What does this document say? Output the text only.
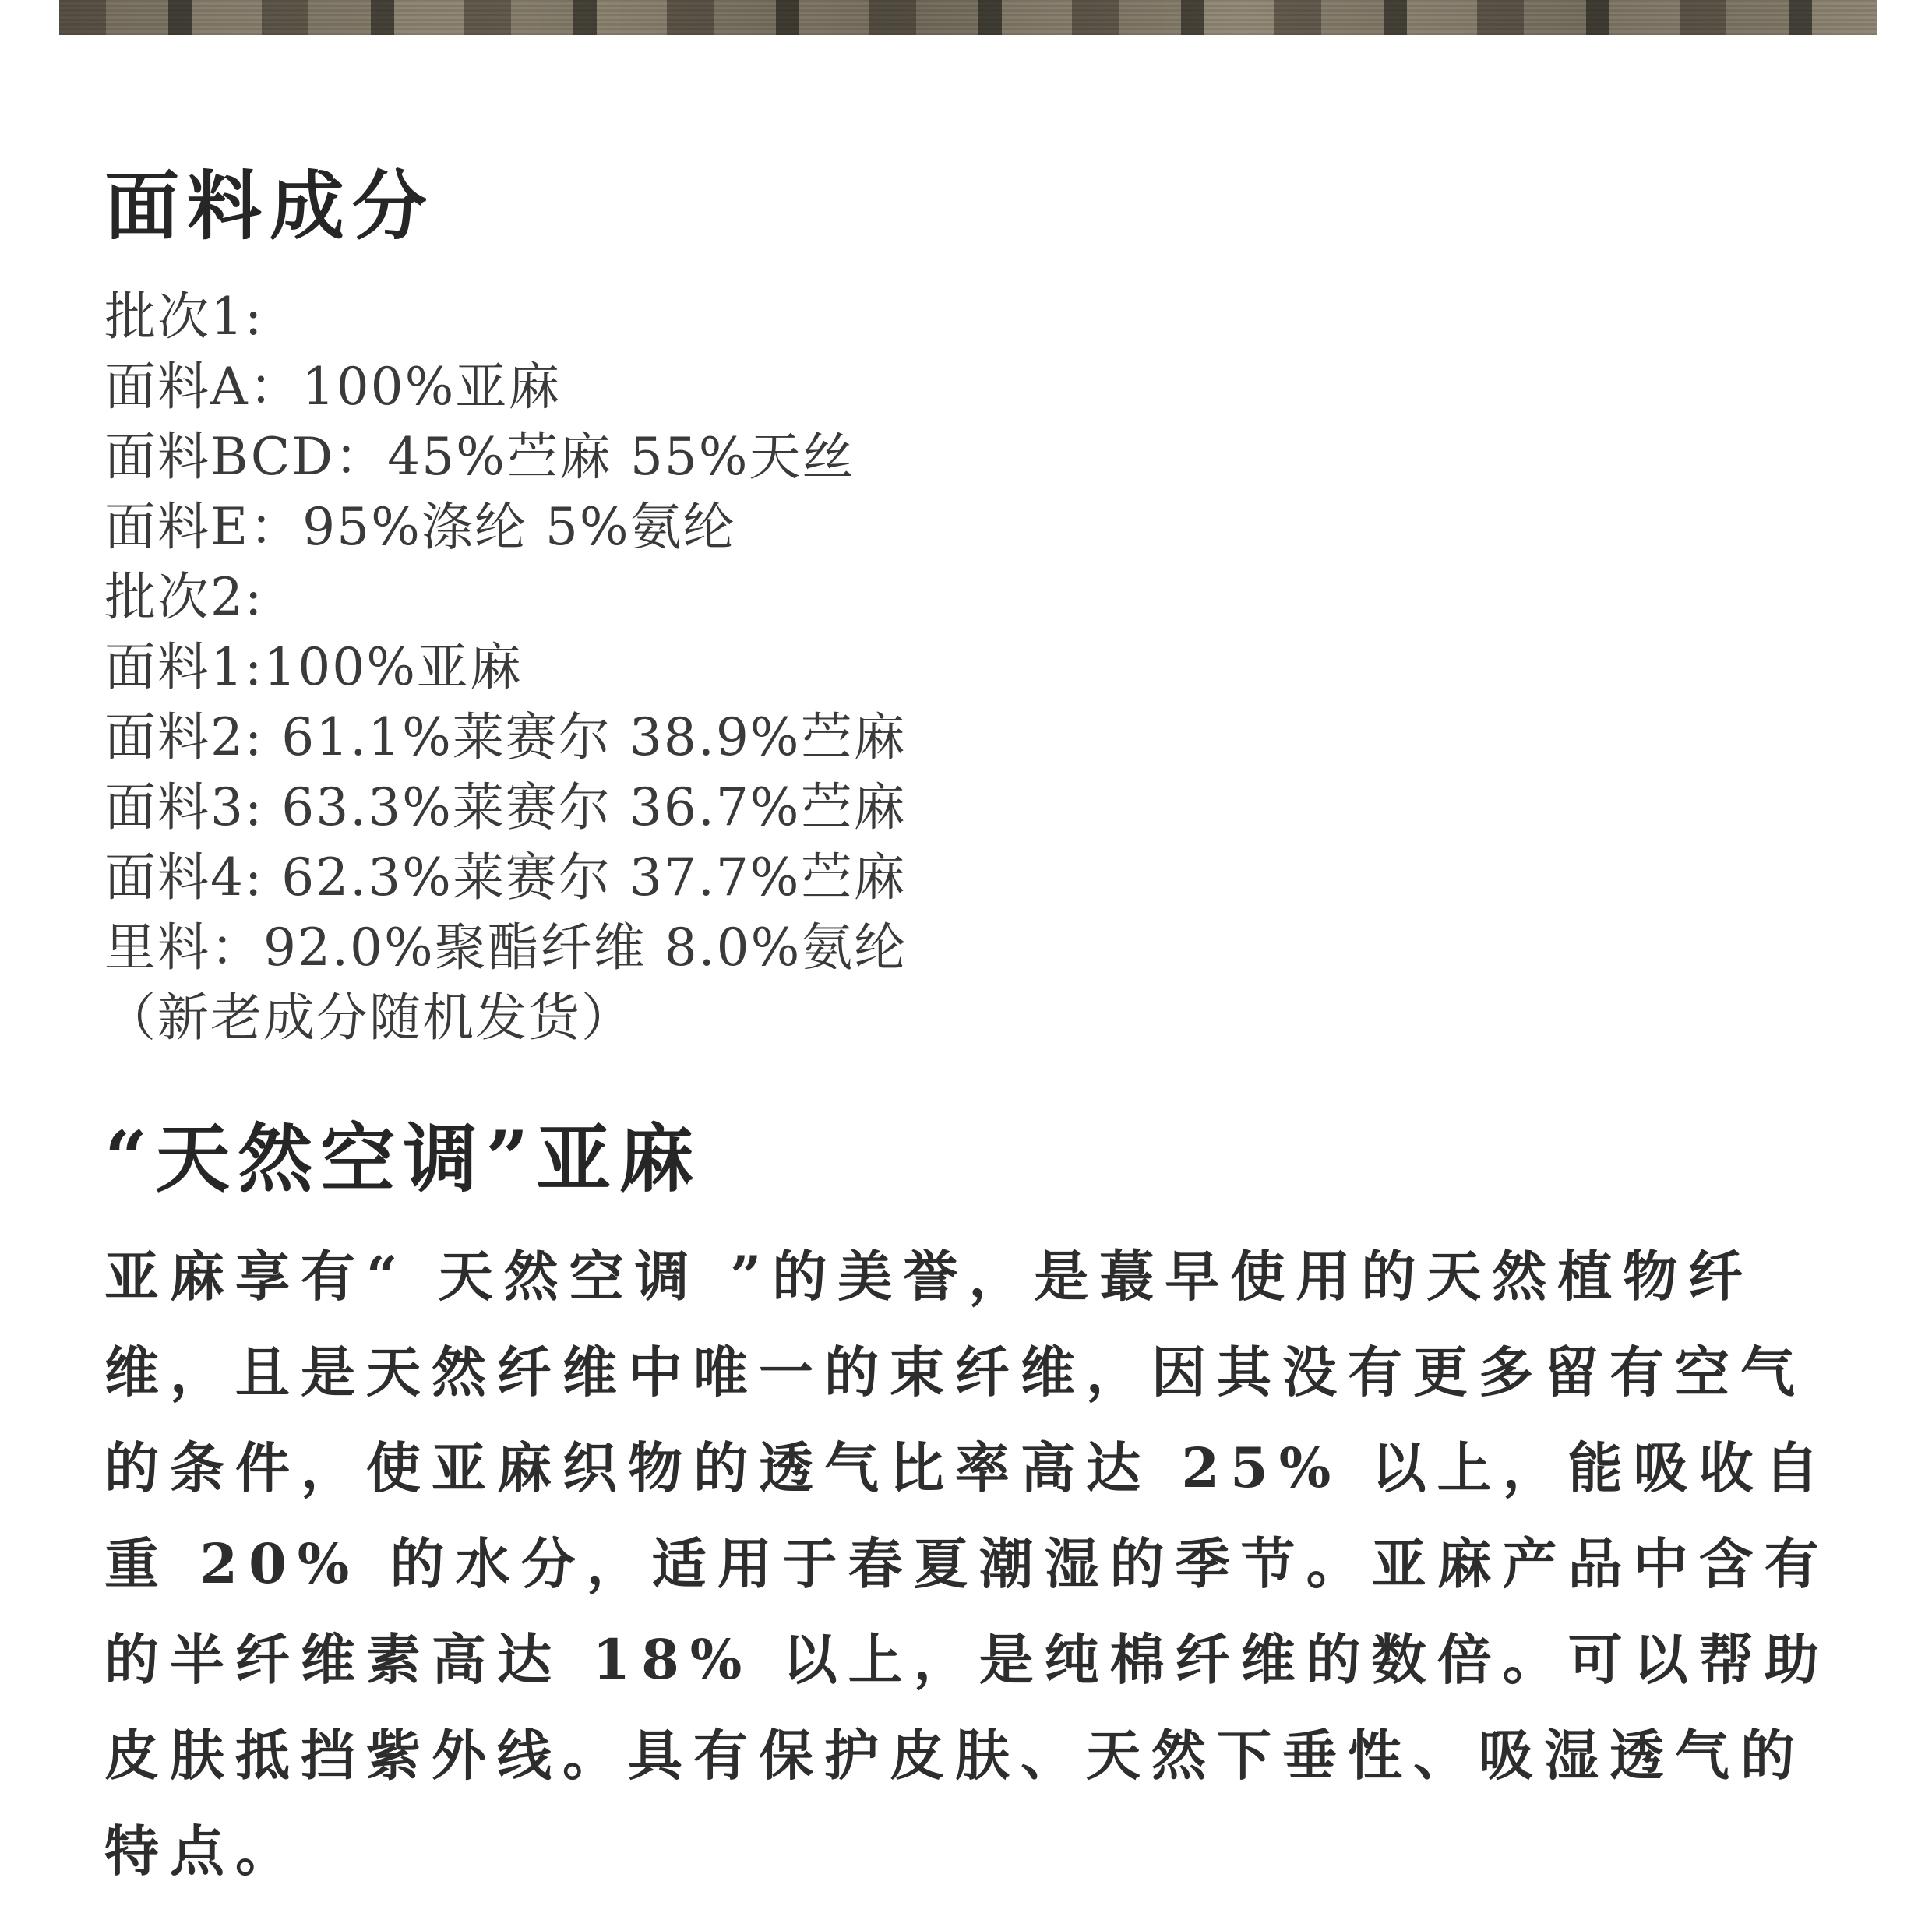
面料成分
批次1:
面料A：100%亚麻
面料BCD：45%苎麻 55%天丝
面料E：95%涤纶 5%氨纶
批次2:
面料1:100%亚麻
面料2: 61.1%莱赛尔 38.9%苎麻
面料3: 63.3%莱赛尔 36.7%苎麻
面料4: 62.3%莱赛尔 37.7%苎麻
里料：92.0%聚酯纤维 8.0%氨纶
（新老成分随机发货）
“天然空调”亚麻

亚麻享有“ 天然空调 ”的美誉，是蕞早使用的天然植物纤
维，且是天然纤维中唯一的束纤维，因其没有更多留有空气
的条件，使亚麻织物的透气比率高达 25% 以上，能吸收自
重 20% 的水分，适用于春夏潮湿的季节。亚麻产品中含有
的半纤维素高达 18% 以上，是纯棉纤维的数倍。可以帮助
皮肤抵挡紫外线。具有保护皮肤、天然下垂性、吸湿透气的
特点。
